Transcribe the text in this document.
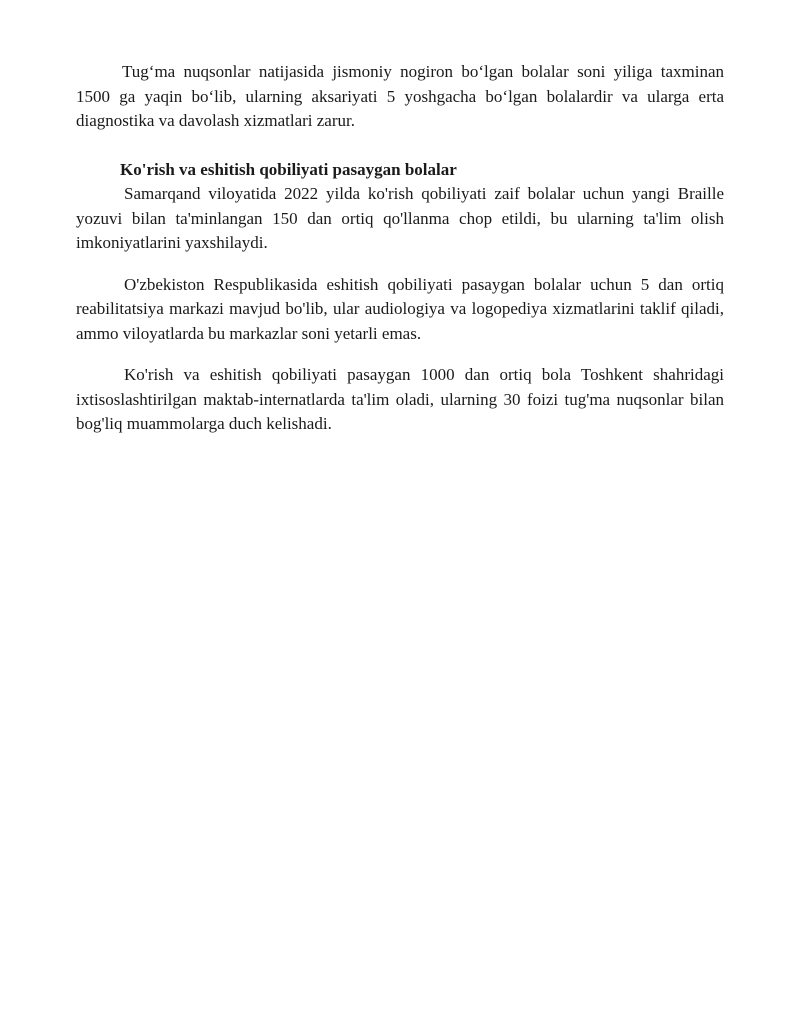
Tugʻma nuqsonlar natijasida jismoniy nogiron boʻlgan bolalar soni yiliga taxminan 1500 ga yaqin boʻlib, ularning aksariyati 5 yoshgacha boʻlgan bolalardir va ularga erta diagnostika va davolash xizmatlari zarur.

Ko'rish va eshitish qobiliyati pasaygan bolalar

Samarqand viloyatida 2022 yilda ko'rish qobiliyati zaif bolalar uchun yangi Braille yozuvi bilan ta'minlangan 150 dan ortiq qo'llanma chop etildi, bu ularning ta'lim olish imkoniyatlarini yaxshilaydi.

O'zbekiston Respublikasida eshitish qobiliyati pasaygan bolalar uchun 5 dan ortiq reabilitatsiya markazi mavjud bo'lib, ular audiologiya va logopediya xizmatlarini taklif qiladi, ammo viloyatlarda bu markazlar soni yetarli emas.

Ko'rish va eshitish qobiliyati pasaygan 1000 dan ortiq bola Toshkent shahridagi ixtisoslashtirilgan maktab-internatlarda ta'lim oladi, ularning 30 foizi tug'ma nuqsonlar bilan bog'liq muammolarga duch kelishadi.
